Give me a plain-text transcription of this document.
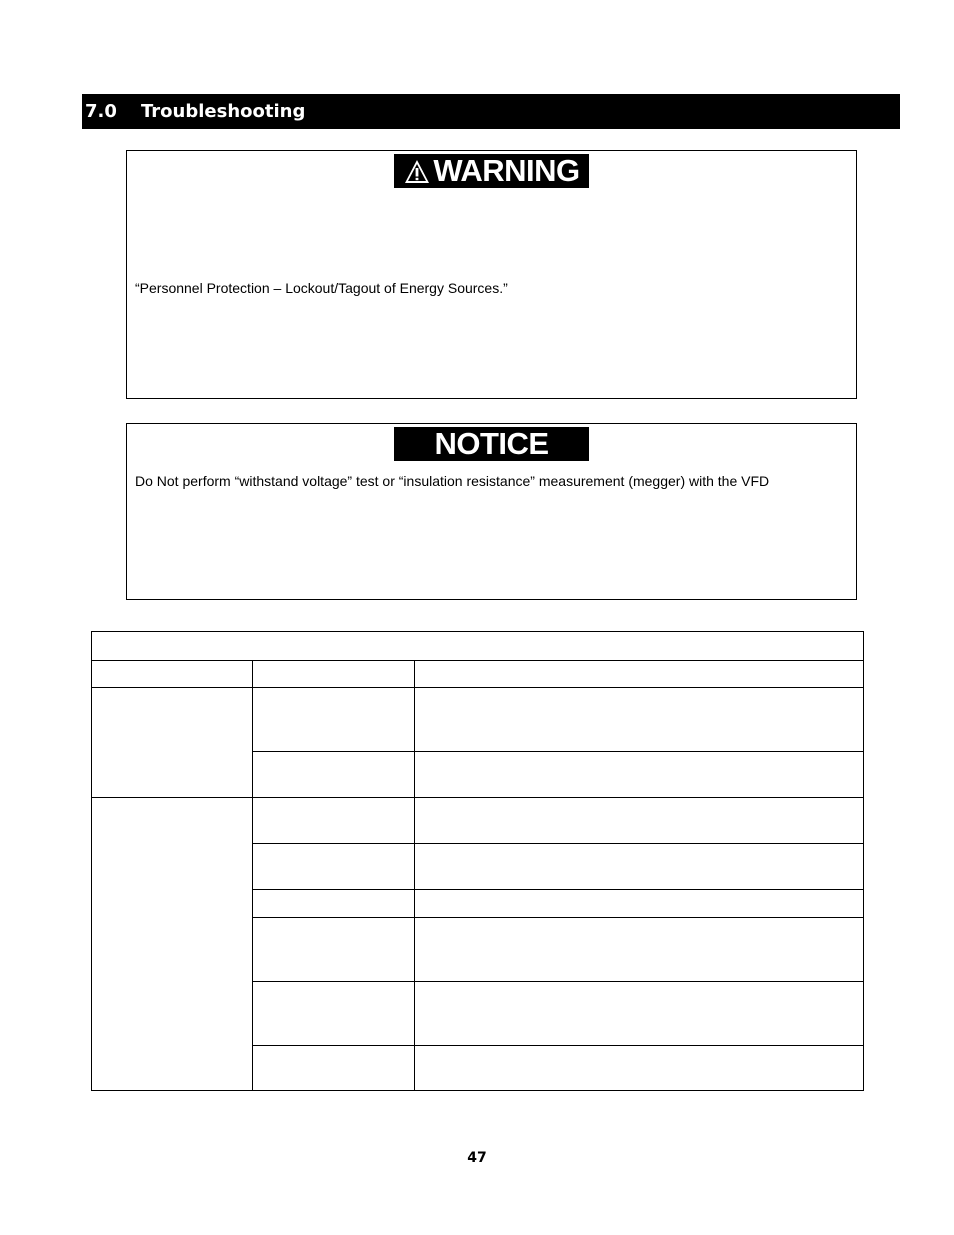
7.0 Troubleshooting
WARNING
“Personnel Protection – Lockout/Tagout of Energy Sources.”
NOTICE
Do Not perform “withstand voltage” test or “insulation resistance” measurement (megger) with the VFD
47
